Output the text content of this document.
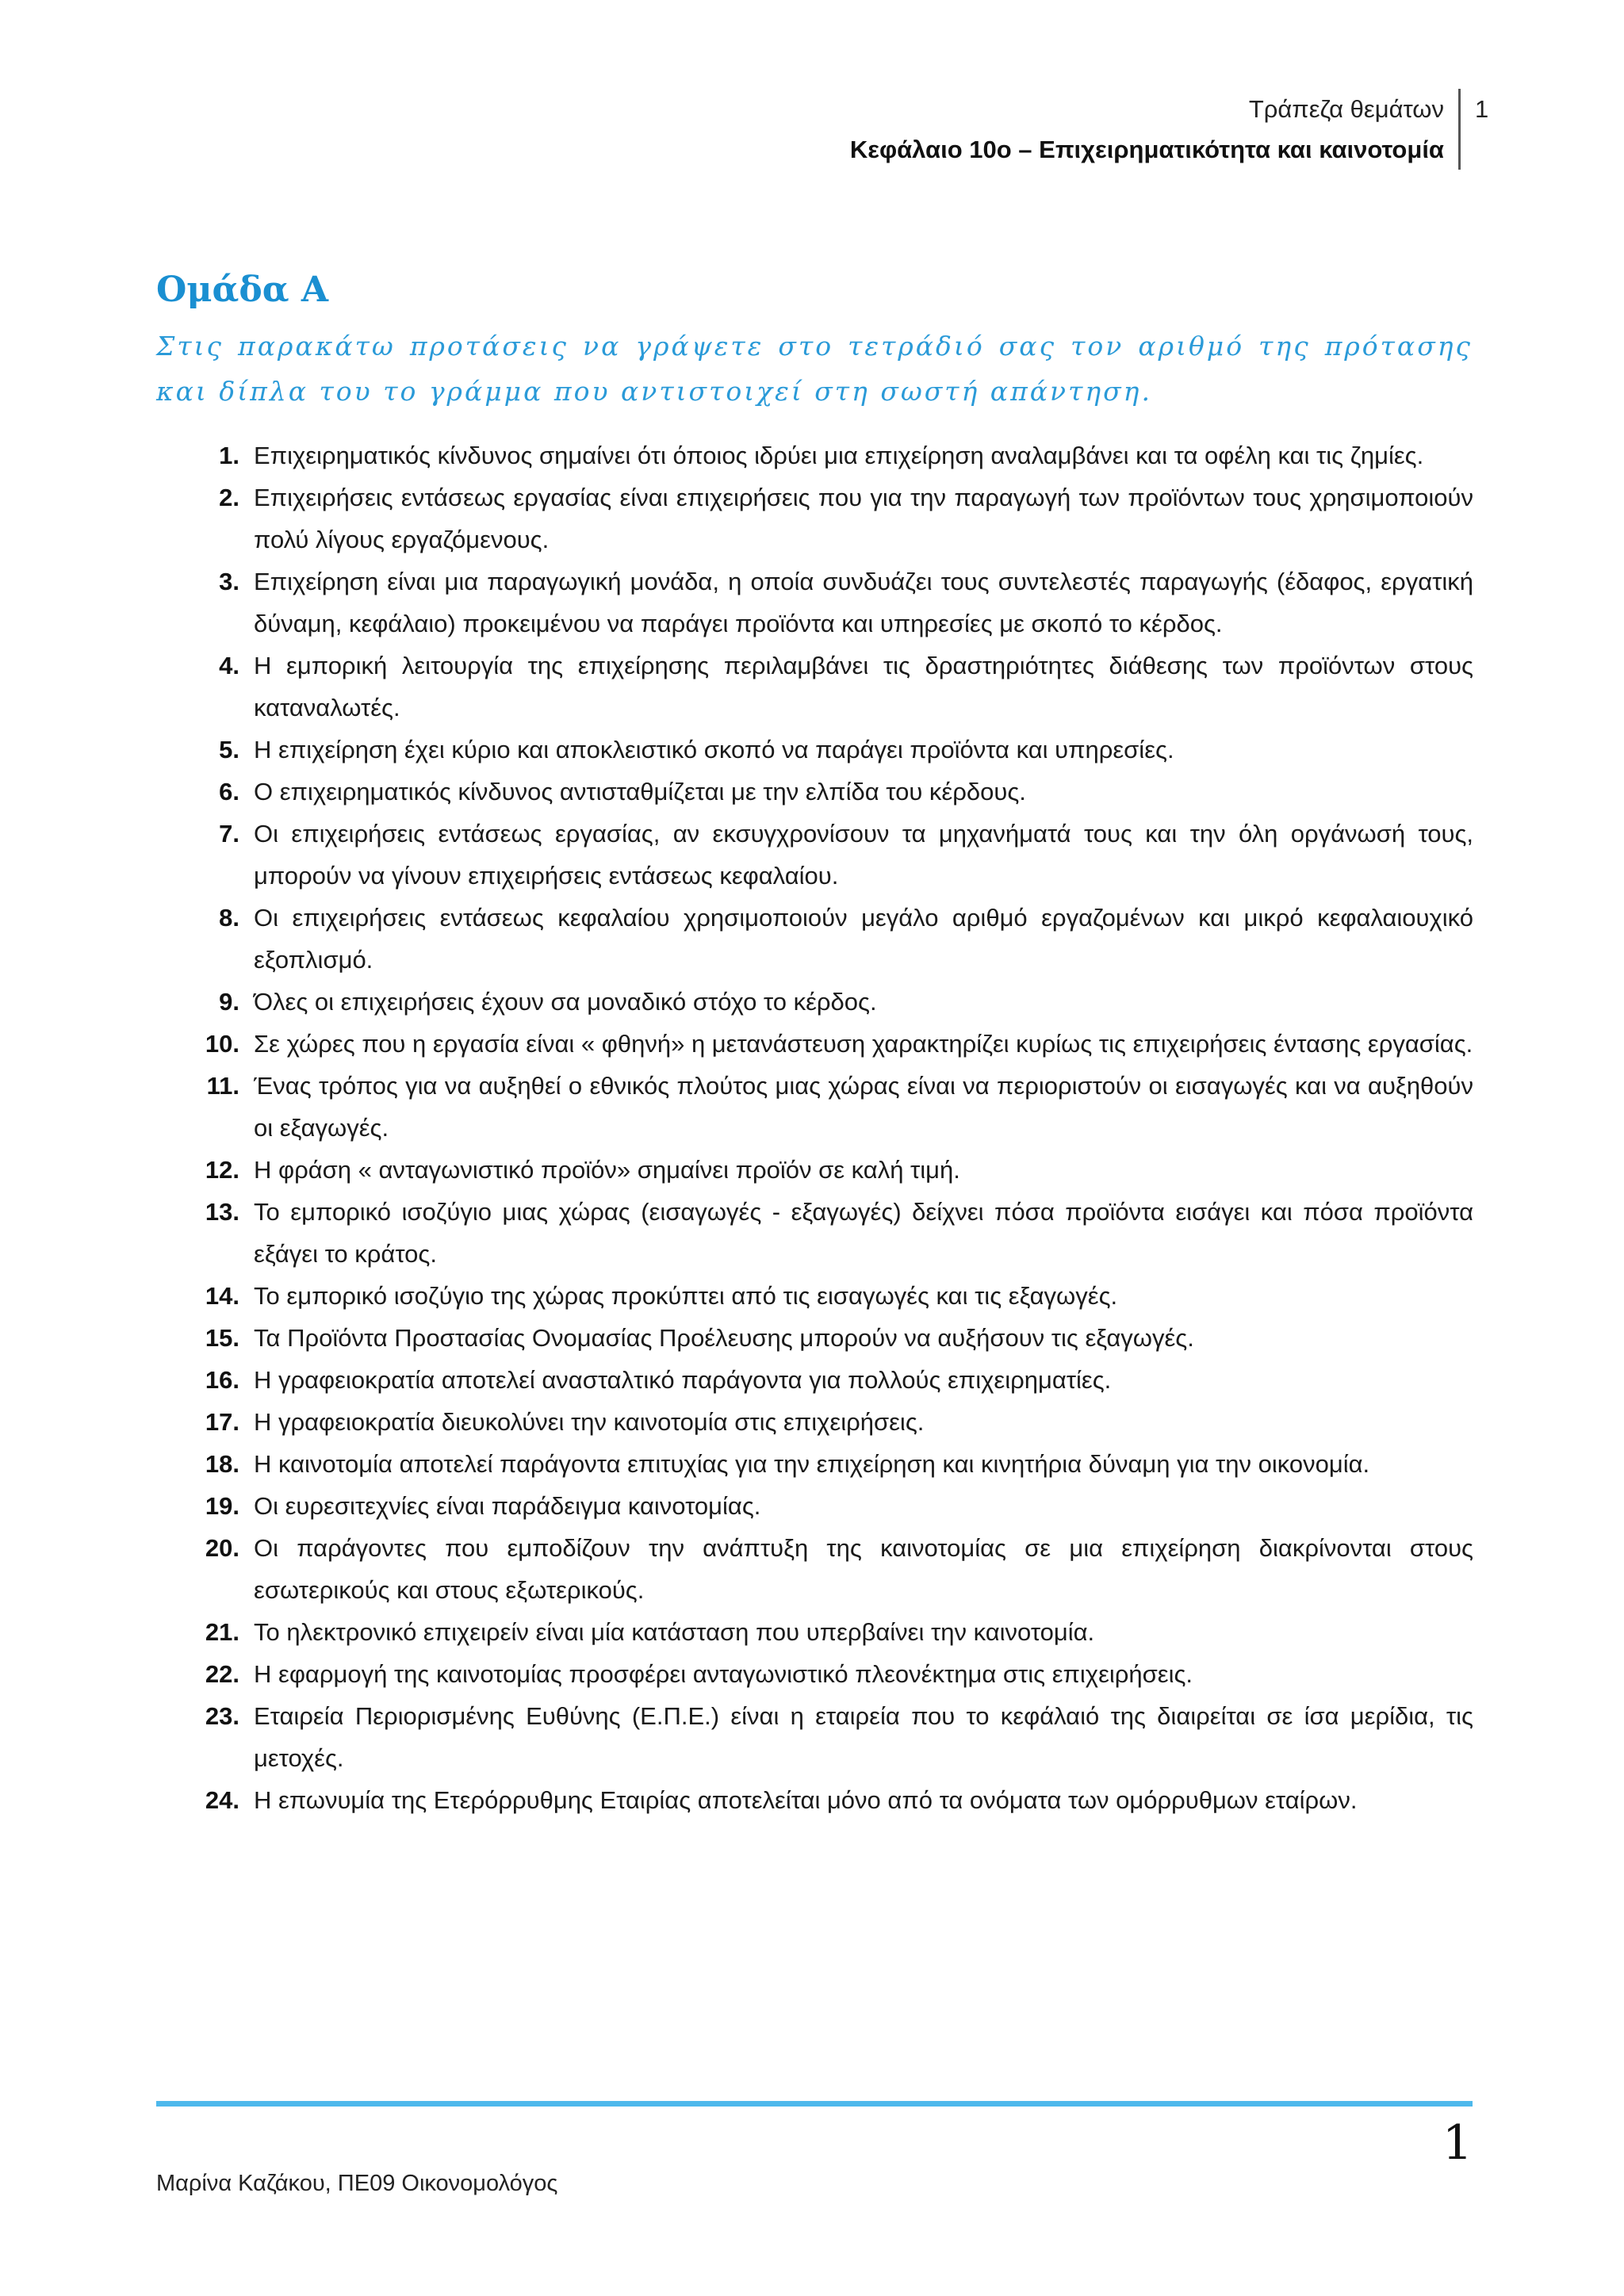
Τράπεζα θεμάτων
Κεφάλαιο 10ο – Επιχειρηματικότητα και καινοτομία
1
Ομάδα Α
Στις παρακάτω προτάσεις να γράψετε στο τετράδιό σας τον αριθμό της πρότασης και δίπλα του το γράμμα που αντιστοιχεί στη σωστή απάντηση.
1. Επιχειρηματικός κίνδυνος σημαίνει ότι όποιος ιδρύει μια επιχείρηση αναλαμβάνει και τα οφέλη και τις ζημίες.
2. Επιχειρήσεις εντάσεως εργασίας είναι επιχειρήσεις που για την παραγωγή των προϊόντων τους χρησιμοποιούν πολύ λίγους εργαζόμενους.
3. Επιχείρηση είναι μια παραγωγική μονάδα, η οποία συνδυάζει τους συντελεστές παραγωγής (έδαφος, εργατική δύναμη, κεφάλαιο) προκειμένου να παράγει προϊόντα και υπηρεσίες με σκοπό το κέρδος.
4. Η εμπορική λειτουργία της επιχείρησης περιλαμβάνει τις δραστηριότητες διάθεσης των προϊόντων στους καταναλωτές.
5. Η επιχείρηση έχει κύριο και αποκλειστικό σκοπό να παράγει προϊόντα και υπηρεσίες.
6. Ο επιχειρηματικός κίνδυνος αντισταθμίζεται με την ελπίδα του κέρδους.
7. Οι επιχειρήσεις εντάσεως εργασίας, αν εκσυγχρονίσουν τα μηχανήματά τους και την όλη οργάνωσή τους, μπορούν να γίνουν επιχειρήσεις εντάσεως κεφαλαίου.
8. Οι επιχειρήσεις εντάσεως κεφαλαίου χρησιμοποιούν μεγάλο αριθμό εργαζομένων και μικρό κεφαλαιουχικό εξοπλισμό.
9. Όλες οι επιχειρήσεις έχουν σα μοναδικό στόχο το κέρδος.
10. Σε χώρες που η εργασία είναι « φθηνή» η μετανάστευση χαρακτηρίζει κυρίως τις επιχειρήσεις έντασης εργασίας.
11. Ένας τρόπος για να αυξηθεί ο εθνικός πλούτος μιας χώρας είναι να περιοριστούν οι εισαγωγές και να αυξηθούν οι εξαγωγές.
12. Η φράση « ανταγωνιστικό προϊόν» σημαίνει προϊόν σε καλή τιμή.
13. Το εμπορικό ισοζύγιο μιας χώρας (εισαγωγές - εξαγωγές) δείχνει πόσα προϊόντα εισάγει και πόσα προϊόντα εξάγει το κράτος.
14. Το εμπορικό ισοζύγιο της χώρας προκύπτει από τις εισαγωγές και τις εξαγωγές.
15. Τα Προϊόντα Προστασίας Ονομασίας Προέλευσης μπορούν να αυξήσουν τις εξαγωγές.
16. Η γραφειοκρατία αποτελεί ανασταλτικό παράγοντα για πολλούς επιχειρηματίες.
17. Η γραφειοκρατία διευκολύνει την καινοτομία στις επιχειρήσεις.
18. Η καινοτομία αποτελεί παράγοντα επιτυχίας για την επιχείρηση και κινητήρια δύναμη για την οικονομία.
19. Οι ευρεσιτεχνίες είναι παράδειγμα καινοτομίας.
20. Οι παράγοντες που εμποδίζουν την ανάπτυξη της καινοτομίας σε μια επιχείρηση διακρίνονται στους εσωτερικούς και στους εξωτερικούς.
21. Το ηλεκτρονικό επιχειρείν είναι μία κατάσταση που υπερβαίνει την καινοτομία.
22. Η εφαρμογή της καινοτομίας προσφέρει ανταγωνιστικό πλεονέκτημα στις επιχειρήσεις.
23. Εταιρεία Περιορισμένης Ευθύνης (Ε.Π.Ε.) είναι η εταιρεία που το κεφάλαιό της διαιρείται σε ίσα μερίδια, τις μετοχές.
24. Η επωνυμία της Ετερόρρυθμης Εταιρίας αποτελείται μόνο από τα ονόματα των ομόρρυθμων εταίρων.
1
Μαρίνα Καζάκου, ΠΕ09 Οικονομολόγος
